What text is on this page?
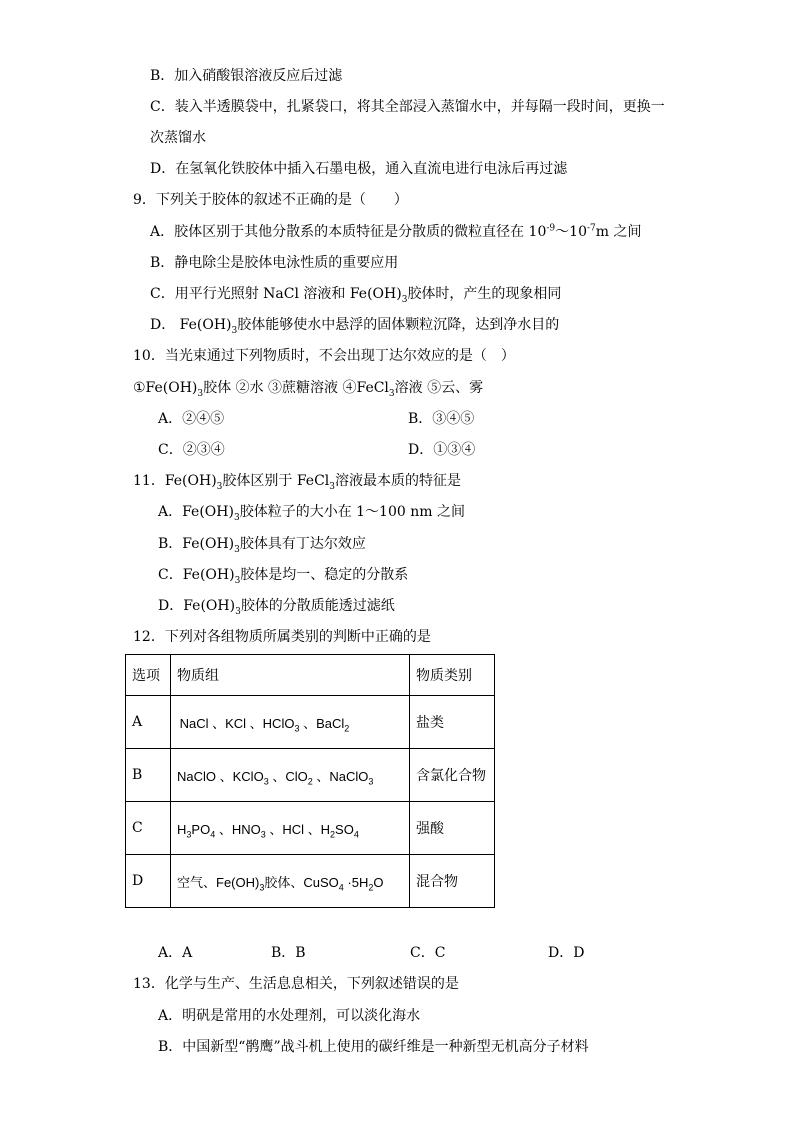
B．加入硝酸银溶液反应后过滤
C．装入半透膜袋中，扎紧袋口，将其全部浸入蒸馏水中，并每隔一段时间，更换一
次蒸馏水
D．在氢氧化铁胶体中插入石墨电极，通入直流电进行电泳后再过滤
9．下列关于胶体的叙述不正确的是（　　）
A．胶体区别于其他分散系的本质特征是分散质的微粒直径在 $10^{-9}\sim 10^{-7}m$ 之间
B．静电除尘是胶体电泳性质的重要应用
C．用平行光照射 NaCl 溶液和 $Fe(OH)_3$胶体时，产生的现象相同
D． $Fe(OH)_3$胶体能够使水中悬浮的固体颗粒沉降，达到净水目的
10．当光束通过下列物质时，不会出现丁达尔效应的是（　）
$①Fe(OH)_3$胶体 ②水 ③蔗糖溶液 ④FeCl$_3$溶液 ⑤云、雾
A．②④⑤	B．③④⑤
C．②③④	D．①③④
11．$Fe(OH)_3$胶体区别于 FeCl$_3$溶液最本质的特征是
A．$Fe(OH)_3$胶体粒子的大小在 1～100 nm 之间
B．$Fe(OH)_3$胶体具有丁达尔效应
C．$Fe(OH)_3$胶体是均一、稳定的分散系
D．$Fe(OH)_3$胶体的分散质能透过滤纸
12．下列对各组物质所属类别的判断中正确的是
选项	物质组	物质类别
A	 NaCl 、KCl 、HClO$_3$ 、BaCl$_2$	盐类
B	NaClO 、KClO$_3$ 、ClO$_2$ 、NaClO$_3$	含氯化合物
C	$H_3PO_4$ 、$HNO_3$ 、HCl 、$H_2SO_4$	强酸
D	空气、$Fe(OH)_3$胶体、CuSO$_4$ $\cdot 5H_2O$	混合物
A．A	B．B	C．C	D．D
13．化学与生产、生活息息相关，下列叙述错误的是
A．明矾是常用的水处理剂，可以淡化海水
B．中国新型“鹘鹰”战斗机上使用的碳纤维是一种新型无机高分子材料
